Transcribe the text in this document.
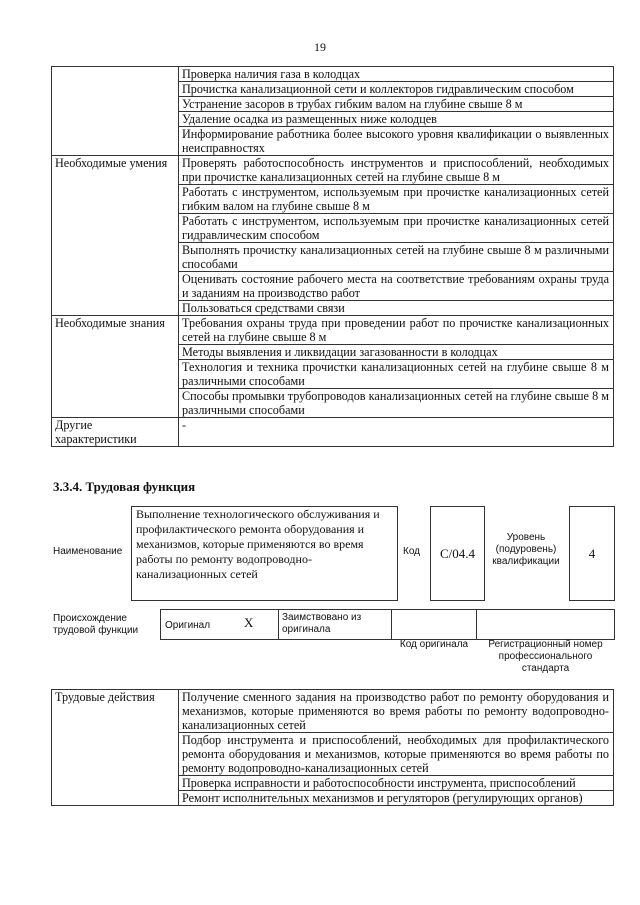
19
	Проверка наличия газа в колодцах
	Прочистка канализационной сети и коллекторов гидравлическим способом
	Устранение засоров в трубах гибким валом на глубине свыше 8 м
	Удаление осадка из размещенных ниже колодцев
	Информирование работника более высокого уровня квалификации о выявленных неисправностях
Необходимые умения	Проверять работоспособность инструментов и приспособлений, необходимых при прочистке канализационных сетей на глубине свыше 8 м
	Работать с инструментом, используемым при прочистке канализационных сетей гибким валом на глубине свыше 8 м
	Работать с инструментом, используемым при прочистке канализационных сетей гидравлическим способом
	Выполнять прочистку канализационных сетей на глубине свыше 8 м различными способами
	Оценивать состояние рабочего места на соответствие требованиям охраны труда и заданиям на производство работ
	Пользоваться средствами связи
Необходимые знания	Требования охраны труда при проведении работ по прочистке канализационных сетей на глубине свыше 8 м
	Методы выявления и ликвидации загазованности в колодцах
	Технология и техника прочистки канализационных сетей на глубине свыше 8 м различными способами
	Способы промывки трубопроводов канализационных сетей на глубине свыше 8 м различными способами
Другие характеристики	-
3.3.4. Трудовая функция
Наименование
Выполнение технологического обслуживания и профилактического ремонта оборудования и механизмов, которые применяются во время работы по ремонту водопроводно-канализационных сетей
Код	С/04.4
Уровень (подуровень) квалификации
4
Происхождение трудовой функции	Оригинал	X	Заимствовано из оригинала
Код оригинала	Регистрационный номер профессионального стандарта
Трудовые действия	Получение сменного задания на производство работ по ремонту оборудования и механизмов, которые применяются во время работы по ремонту водопроводно-канализационных сетей
Подбор инструмента и приспособлений, необходимых для профилактического ремонта оборудования и механизмов, которые применяются во время работы по ремонту водопроводно-канализационных сетей
Проверка исправности и работоспособности инструмента, приспособлений
Ремонт исполнительных механизмов и регуляторов (регулирующих органов)
